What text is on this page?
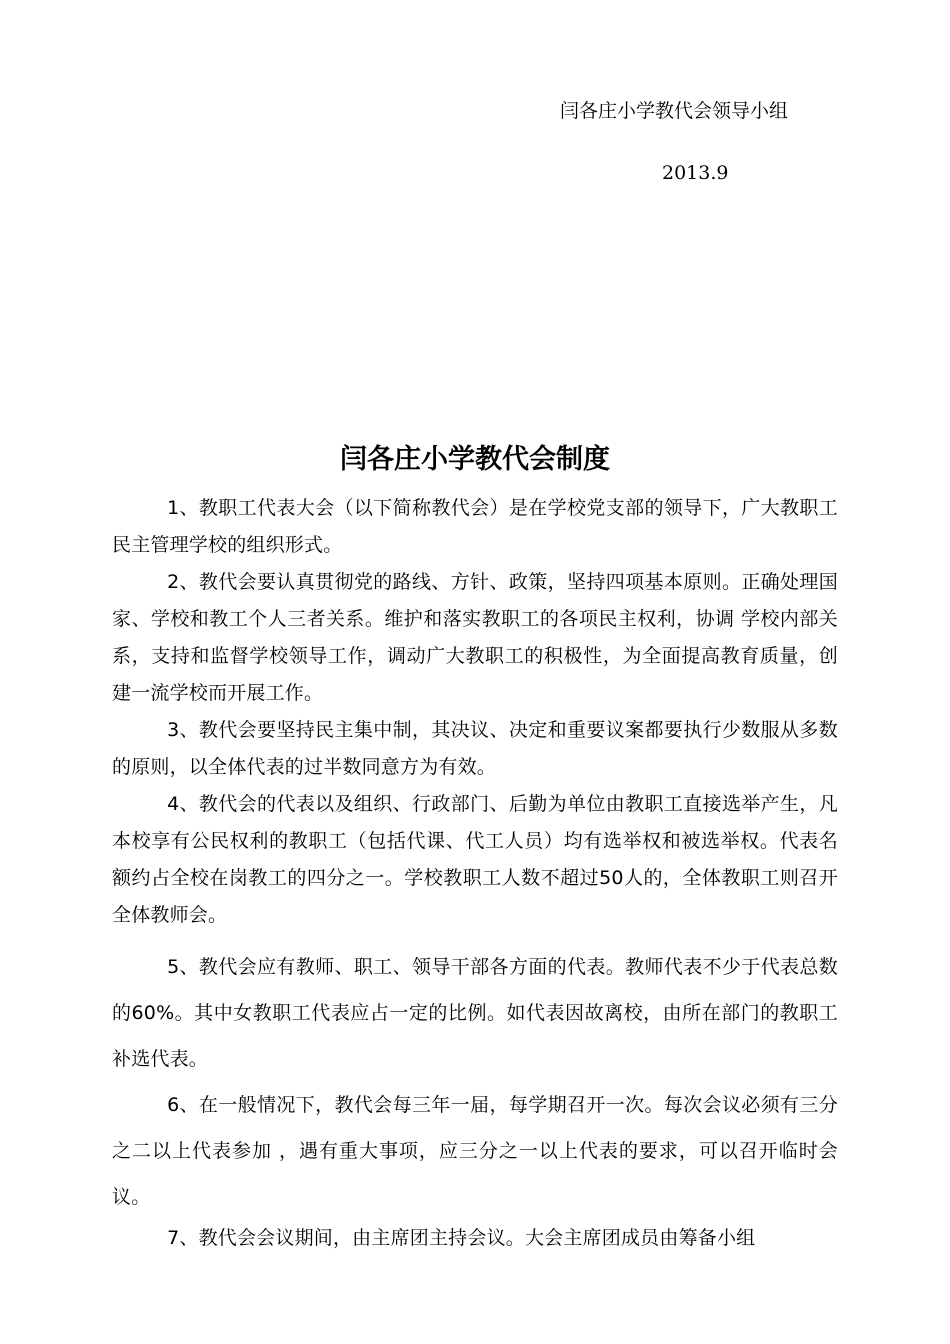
闫各庄小学教代会领导小组
2013.9
闫各庄小学教代会制度

1、教职工代表大会（以下简称教代会）是在学校党支部的领导下，广大教职工民主管理学校的组织形式。

2、教代会要认真贯彻党的路线、方针、政策，坚持四项基本原则。正确处理国家、学校和教工个人三者关系。维护和落实教职工的各项民主权利，协调 学校内部关系，支持和监督学校领导工作，调动广大教职工的积极性，为全面提高教育质量，创建一流学校而开展工作。

3、教代会要坚持民主集中制，其决议、决定和重要议案都要执行少数服从多数的原则，以全体代表的过半数同意方为有效。

4、教代会的代表以及组织、行政部门、后勤为单位由教职工直接选举产生，凡本校享有公民权利的教职工（包括代课、代工人员）均有选举权和被选举权。代表名额约占全校在岗教工的四分之一。学校教职工人数不超过50人的，全体教职工则召开全体教师会。

5、教代会应有教师、职工、领导干部各方面的代表。教师代表不少于代表总数的60%。其中女教职工代表应占一定的比例。如代表因故离校，由所在部门的教职工补选代表。

6、在一般情况下，教代会每三年一届，每学期召开一次。每次会议必须有三分之二以上代表参加 ，遇有重大事项，应三分之一以上代表的要求，可以召开临时会议。

7、教代会会议期间，由主席团主持会议。大会主席团成员由筹备小组
